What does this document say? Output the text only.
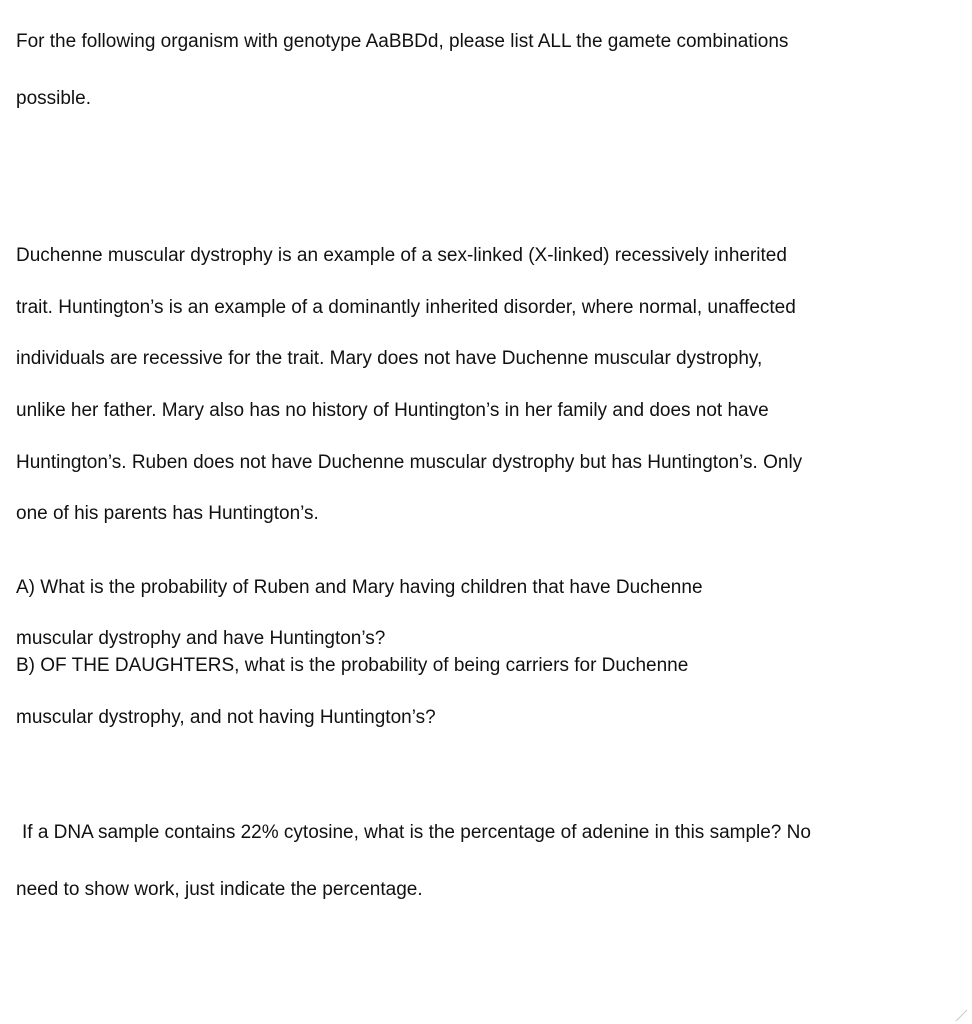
For the following organism with genotype AaBBDd, please list ALL the gamete combinations

possible.

Duchenne muscular dystrophy is an example of a sex-linked (X-linked) recessively inherited

trait. Huntington’s is an example of a dominantly inherited disorder, where normal, unaffected

individuals are recessive for the trait. Mary does not have Duchenne muscular dystrophy,

unlike her father. Mary also has no history of Huntington’s in her family and does not have

Huntington’s. Ruben does not have Duchenne muscular dystrophy but has Huntington’s. Only

one of his parents has Huntington’s.

A) What is the probability of Ruben and Mary having children that have Duchenne

muscular dystrophy and have Huntington’s?

B) OF THE DAUGHTERS, what is the probability of being carriers for Duchenne

muscular dystrophy, and not having Huntington’s?

If a DNA sample contains 22% cytosine, what is the percentage of adenine in this sample? No

need to show work, just indicate the percentage.
